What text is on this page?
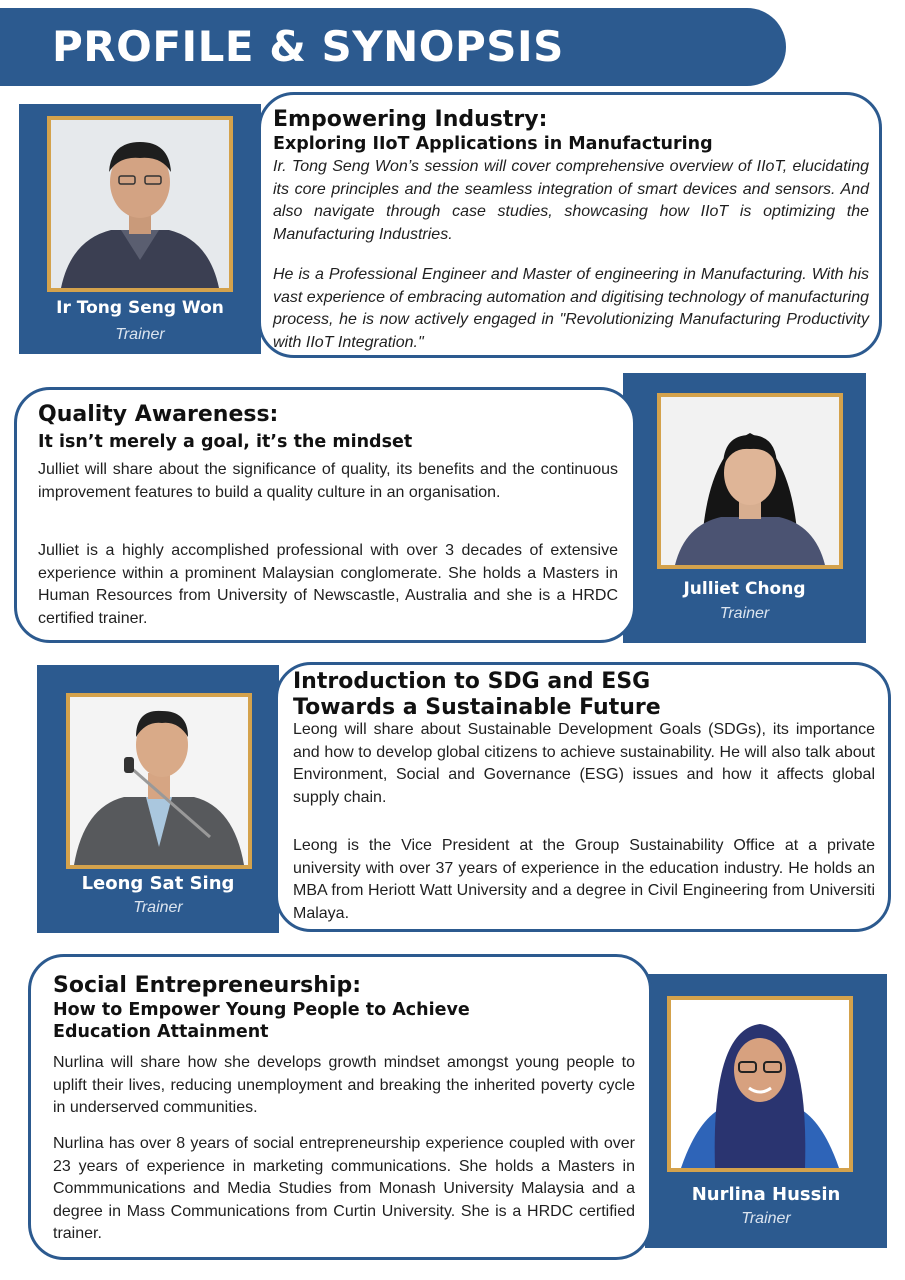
PROFILE & SYNOPSIS
Ir Tong Seng Won
Trainer
Empowering Industry:
Exploring IIoT Applications in Manufacturing
Ir. Tong Seng Won’s session will cover comprehensive overview of IIoT, elucidating its core principles and the seamless integration of smart devices and sensors. And also navigate through case studies, showcasing how IIoT is optimizing the Manufacturing Industries.
He is a Professional Engineer and Master of engineering in Manufacturing. With his vast experience of embracing automation and digitising technology of manufacturing process, he is now actively engaged in "Revolutionizing Manufacturing Productivity with IIoT Integration."
Julliet Chong
Trainer
Quality Awareness:
It isn’t merely a goal, it’s the mindset
Julliet will share about the significance of quality, its benefits and the continuous improvement features to build a quality culture in an organisation.
Julliet is a highly accomplished professional with over 3 decades of extensive experience within a prominent Malaysian conglomerate. She holds a Masters in Human Resources from University of Newscastle, Australia and she is a HRDC certified trainer.
Leong Sat Sing
Trainer
Introduction to SDG and ESG Towards a Sustainable Future
Leong will share about Sustainable Development Goals (SDGs), its importance and how to develop global citizens to achieve sustainability. He will also talk about Environment, Social and Governance (ESG) issues and how it affects global supply chain.
Leong is the Vice President at the Group Sustainability Office at a private university with over 37 years of experience in the education industry. He holds an MBA from Heriott Watt University and a degree in Civil Engineering from Universiti Malaya.
Nurlina Hussin
Trainer
Social Entrepreneurship:
How to Empower Young People to Achieve Education Attainment
Nurlina will share how she develops growth mindset amongst young people to uplift their lives, reducing unemployment and breaking the inherited poverty cycle in underserved communities.
Nurlina has over 8 years of social entrepreneurship experience coupled with over 23 years of experience in marketing communications. She holds a Masters in Commmunications and Media Studies from Monash University Malaysia and a degree in Mass Communications from Curtin University. She is a HRDC certified trainer.
